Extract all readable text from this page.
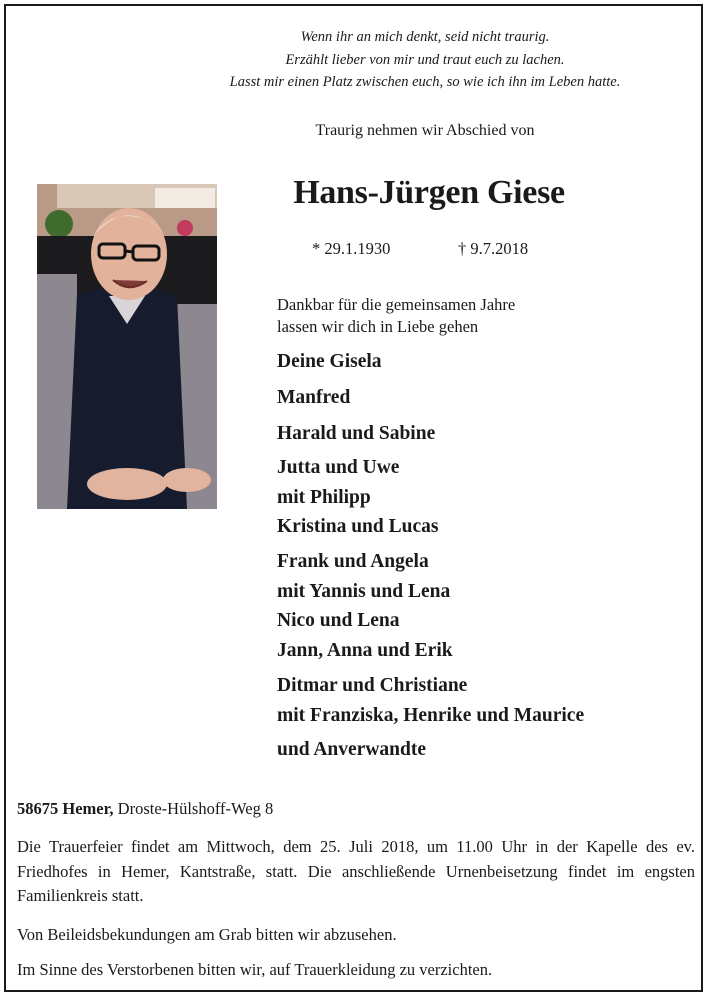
Wenn ihr an mich denkt, seid nicht traurig.
Erzählt lieber von mir und traut euch zu lachen.
Lasst mir einen Platz zwischen euch, so wie ich ihn im Leben hatte.
Traurig nehmen wir Abschied von
Hans-Jürgen Giese
* 29.1.1930	† 9.7.2018
Dankbar für die gemeinsamen Jahre
lassen wir dich in Liebe gehen
Deine Gisela
Manfred
Harald und Sabine
Jutta und Uwe
mit Philipp
Kristina und Lucas
Frank und Angela
mit Yannis und Lena
Nico und Lena
Jann, Anna und Erik
Ditmar und Christiane
mit Franziska, Henrike und Maurice
und Anverwandte
58675 Hemer, Droste-Hülshoff-Weg 8
Die Trauerfeier findet am Mittwoch, dem 25. Juli 2018, um 11.00 Uhr in der Kapelle des ev. Friedhofes in Hemer, Kantstraße, statt. Die anschließende Urnenbeisetzung findet im engsten Familienkreis statt.
Von Beileidsbekundungen am Grab bitten wir abzusehen.
Im Sinne des Verstorbenen bitten wir, auf Trauerkleidung zu verzichten.
